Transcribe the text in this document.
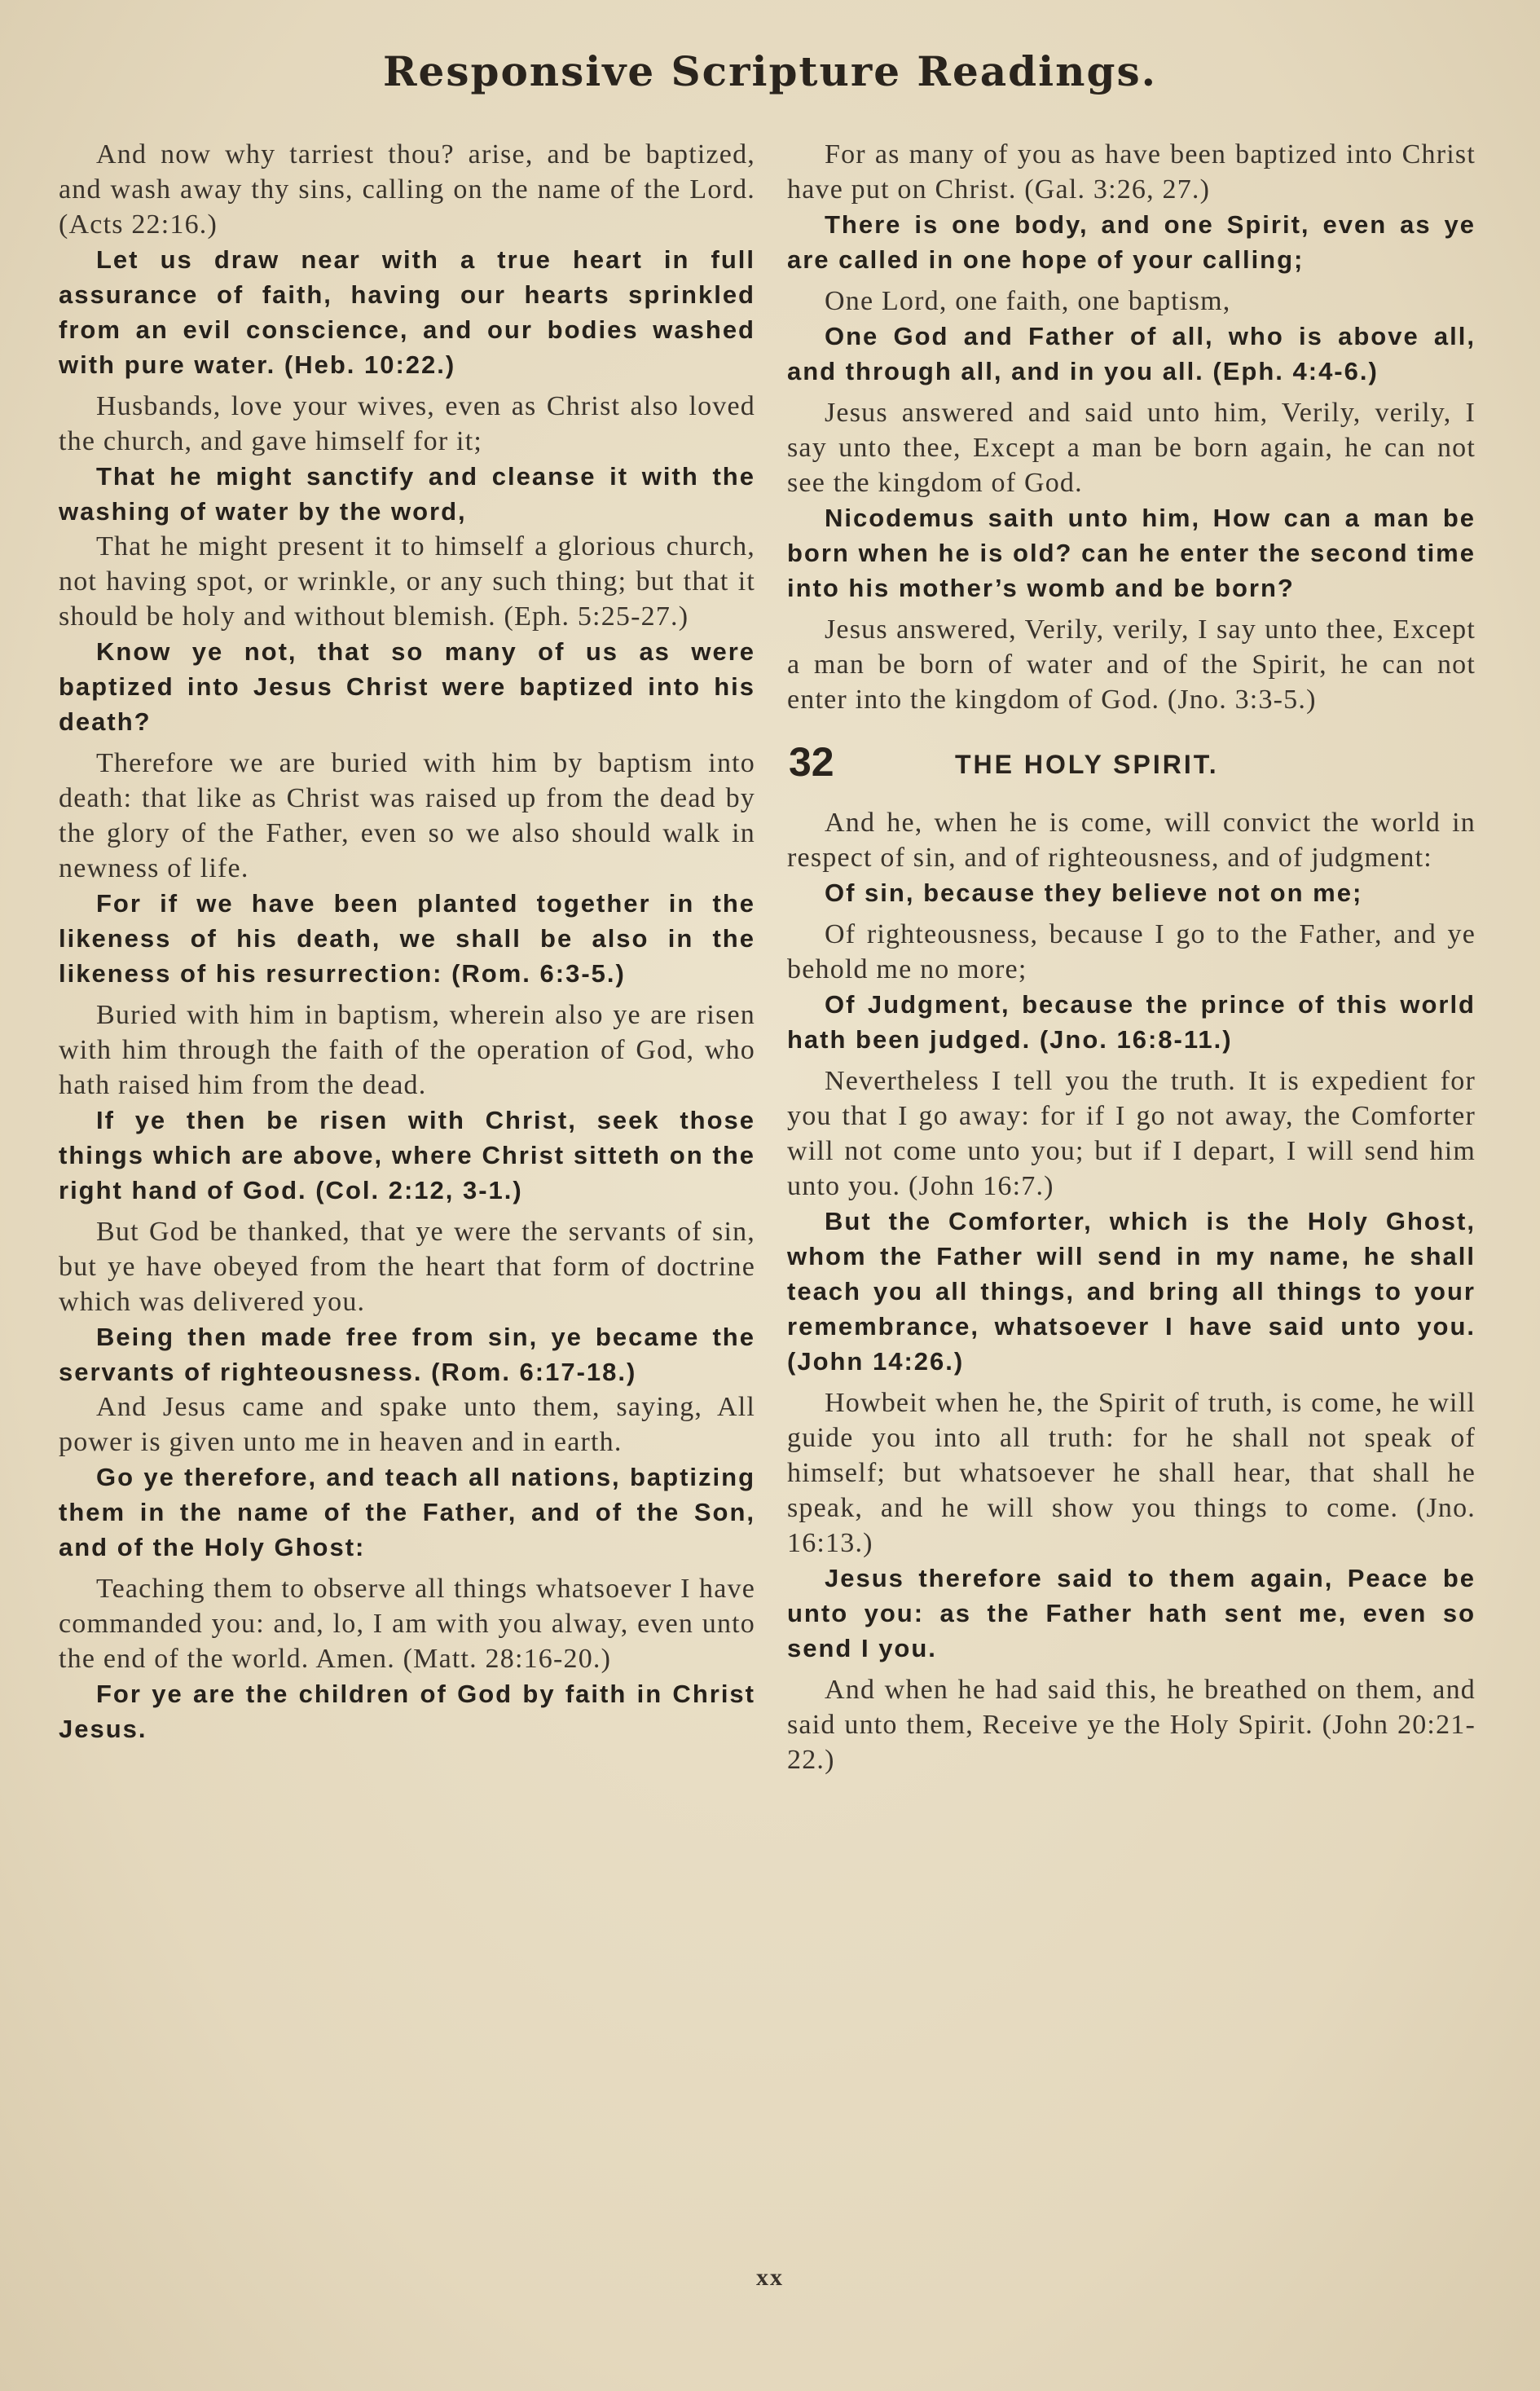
Responsive Scripture Readings.

And now why tarriest thou? arise, and be baptized, and wash away thy sins, calling on the name of the Lord. (Acts 22:16.)

Let us draw near with a true heart in full assurance of faith, having our hearts sprinkled from an evil conscience, and our bodies washed with pure water. (Heb. 10:22.)

Husbands, love your wives, even as Christ also loved the church, and gave himself for it;

That he might sanctify and cleanse it with the washing of water by the word,

That he might present it to himself a glorious church, not having spot, or wrinkle, or any such thing; but that it should be holy and without blemish. (Eph. 5:25-27.)

Know ye not, that so many of us as were baptized into Jesus Christ were baptized into his death?

Therefore we are buried with him by baptism into death: that like as Christ was raised up from the dead by the glory of the Father, even so we also should walk in newness of life.

For if we have been planted together in the likeness of his death, we shall be also in the likeness of his resurrection: (Rom. 6:3-5.)

Buried with him in baptism, wherein also ye are risen with him through the faith of the operation of God, who hath raised him from the dead.

If ye then be risen with Christ, seek those things which are above, where Christ sitteth on the right hand of God. (Col. 2:12, 3-1.)

But God be thanked, that ye were the servants of sin, but ye have obeyed from the heart that form of doctrine which was delivered you.

Being then made free from sin, ye became the servants of righteousness. (Rom. 6:17-18.)

And Jesus came and spake unto them, saying, All power is given unto me in heaven and in earth.

Go ye therefore, and teach all nations, baptizing them in the name of the Father, and of the Son, and of the Holy Ghost:

Teaching them to observe all things whatsoever I have commanded you: and, lo, I am with you alway, even unto the end of the world. Amen. (Matt. 28:16-20.)

For ye are the children of God by faith in Christ Jesus.

For as many of you as have been baptized into Christ have put on Christ. (Gal. 3:26, 27.)

There is one body, and one Spirit, even as ye are called in one hope of your calling;

One Lord, one faith, one baptism,

One God and Father of all, who is above all, and through all, and in you all. (Eph. 4:4-6.)

Jesus answered and said unto him, Verily, verily, I say unto thee, Except a man be born again, he can not see the kingdom of God.

Nicodemus saith unto him, How can a man be born when he is old? can he enter the second time into his mother’s womb and be born?

Jesus answered, Verily, verily, I say unto thee, Except a man be born of water and of the Spirit, he can not enter into the kingdom of God. (Jno. 3:3-5.)

32	THE HOLY SPIRIT.

And he, when he is come, will convict the world in respect of sin, and of righteousness, and of judgment:

Of sin, because they believe not on me;

Of righteousness, because I go to the Father, and ye behold me no more;

Of Judgment, because the prince of this world hath been judged. (Jno. 16:8-11.)

Nevertheless I tell you the truth. It is expedient for you that I go away: for if I go not away, the Comforter will not come unto you; but if I depart, I will send him unto you. (John 16:7.)

But the Comforter, which is the Holy Ghost, whom the Father will send in my name, he shall teach you all things, and bring all things to your remembrance, whatsoever I have said unto you. (John 14:26.)

Howbeit when he, the Spirit of truth, is come, he will guide you into all truth: for he shall not speak of himself; but whatsoever he shall hear, that shall he speak, and he will show you things to come. (Jno. 16:13.)

Jesus therefore said to them again, Peace be unto you: as the Father hath sent me, even so send I you.

And when he had said this, he breathed on them, and said unto them, Receive ye the Holy Spirit. (John 20:21-22.)

xx
